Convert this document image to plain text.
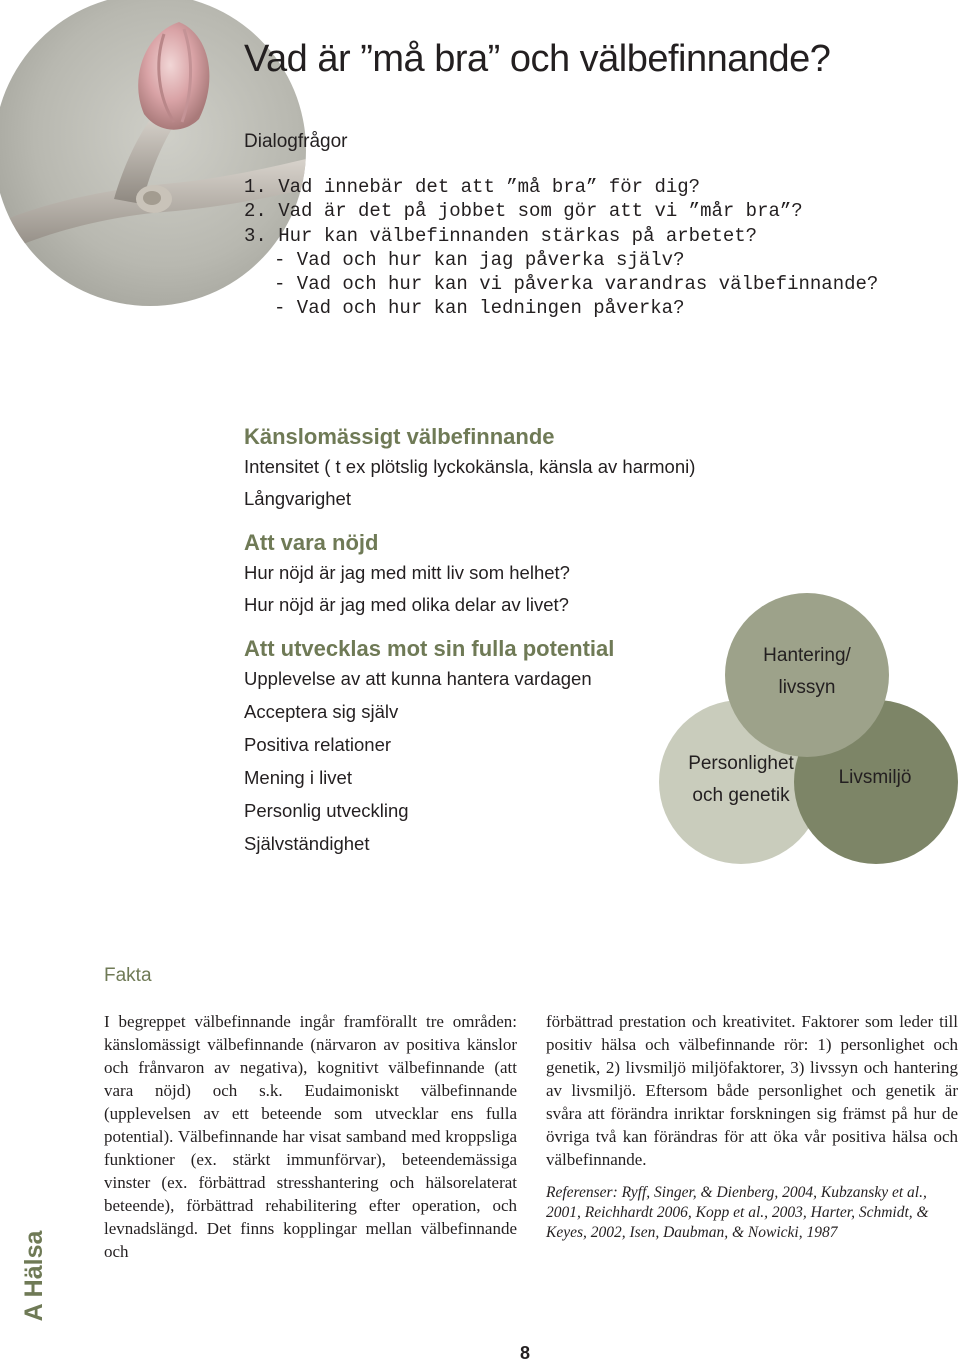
Vad är ”må bra” och välbefinnande?
Dialogfrågor
1. Vad innebär det att ”må bra” för dig?
2. Vad är det på jobbet som gör att vi ”mår bra”?
3. Hur kan välbefinnanden stärkas på arbetet?
- Vad och hur kan jag påverka själv?
- Vad och hur kan vi påverka varandras välbefinnande?
- Vad och hur kan ledningen påverka?
Känslomässigt välbefinnande
Intensitet ( t ex plötslig lyckokänsla, känsla av harmoni)
Långvarighet
Att vara nöjd
Hur nöjd är jag med mitt liv som helhet?
Hur nöjd är jag med olika delar av livet?
Att utvecklas mot sin fulla potential
Upplevelse av att kunna hantera vardagen
Acceptera sig själv
Positiva relationer
Mening i livet
Personlig utveckling
Självständighet
Hantering/
livssyn
Personlighet
och genetik
Livsmiljö
Fakta

I begreppet välbefinnande ingår framförallt tre områden: känslomässigt välbefinnande (närvaron av positiva känslor och frånvaron av negativa), kognitivt välbefinnande (att vara nöjd) och s.k. Eudaimoniskt välbefinnande (upplevelsen av ett beteende som utvecklar ens fulla potential). Välbefinnande har visat samband med kroppsliga funktioner (ex. stärkt immunförvar), beteendemässiga vinster (ex. förbättrad stresshantering och hälsorelaterat beteende), förbättrad rehabilitering efter operation, och levnadslängd. Det finns kopplingar mellan välbefinnande och

förbättrad prestation och kreativitet. Faktorer som leder till positiv hälsa och välbefinnande rör: 1) personlighet och genetik, 2) livsmiljö miljöfaktorer, 3) livssyn och hantering av livsmiljö. Eftersom både personlighet och genetik är svåra att förändra inriktar forskningen sig främst på hur de övriga två kan förändras för att öka vår positiva hälsa och välbefinnande.

Referenser: Ryff, Singer, & Dienberg, 2004, Kubzansky et al., 2001, Reichhardt 2006, Kopp et al., 2003, Harter, Schmidt, & Keyes, 2002, Isen, Daubman, & Nowicki, 1987

A Hälsa
8
